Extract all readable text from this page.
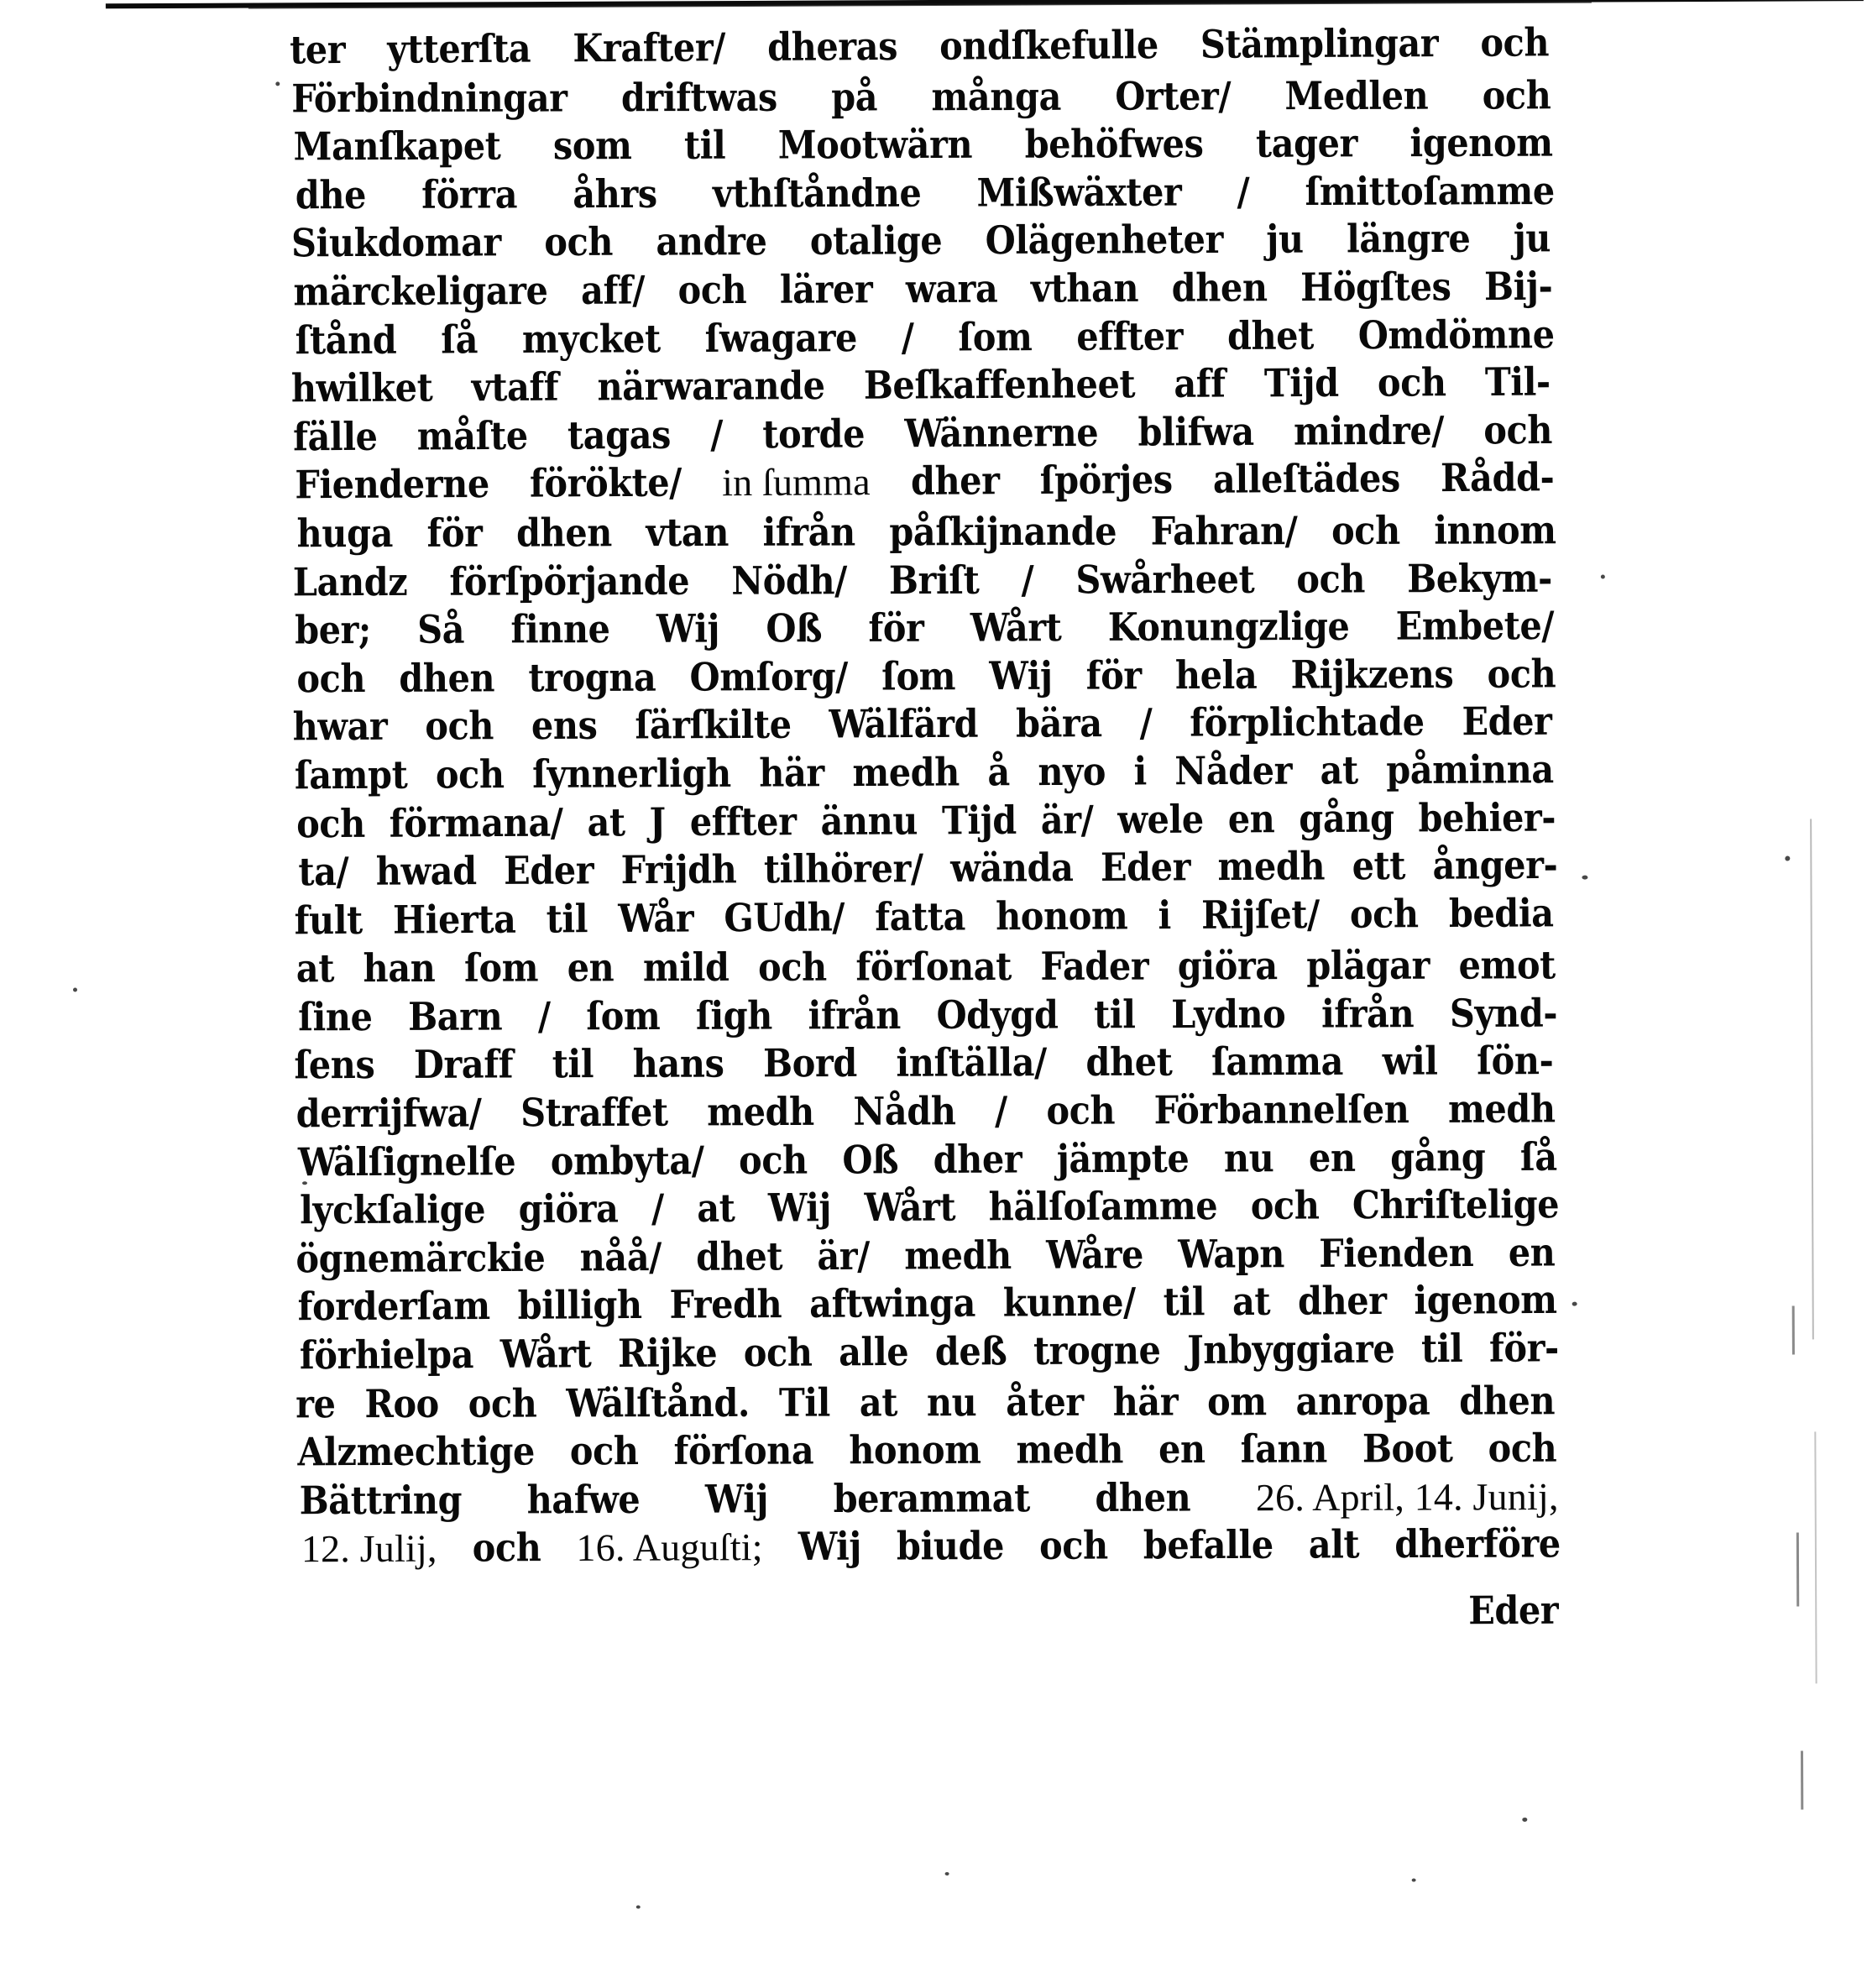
ter ytterſta Krafter/ dheras ondſkefulle Stämplingar och
Förbindningar driftwas på många Orter/ Medlen och
Manſkapet som til Mootwärn behöfwes tager igenom
dhe förra åhrs vthſtåndne Mißwäxter / ſmittoſamme
Siukdomar och andre otalige Olägenheter ju längre ju
märckeligare aff/ och lärer wara vthan dhen Högſtes Bij-
ſtånd ſå mycket ſwagare / ſom effter dhet Omdömne
hwilket vtaff närwarande Beſkaffenheet aff Tijd och Til-
fälle måſte tagas / torde Wännerne blifwa mindre/ och
Fienderne förökte/ in ſumma dher ſpörjes alleſtädes Rådd-
huga för dhen vtan ifrån påſkijnande Fahran/ och innom
Landz förſpörjande Nödh/ Briſt / Swårheet och Bekym-
ber; Så finne Wij Oß för Wårt Konungzlige Embete/
och dhen trogna Omſorg/ ſom Wij för hela Rijkzens och
hwar och ens ſärſkilte Wälfärd bära / förplichtade Eder
ſampt och ſynnerligh här medh å nyo i Nåder at påminna
och förmana/ at J effter ännu Tijd är/ wele en gång behier-
ta/ hwad Eder Frijdh tilhörer/ wända Eder medh ett ånger-
fult Hierta til Wår GUdh/ fatta honom i Rijſet/ och bedia
at han ſom en mild och förſonat Fader giöra plägar emot
ſine Barn / ſom ſigh ifrån Odygd til Lydno ifrån Synd-
ſens Draff til hans Bord inſtälla/ dhet ſamma wil ſön-
derrijfwa/ Straffet medh Nådh / och Förbannelſen medh
Wälſignelſe ombyta/ och Oß dher jämpte nu en gång ſå
lyckſalige giöra / at Wij Wårt hälſoſamme och Chriſtelige
ögnemärckie nåå/ dhet är/ medh Wåre Wapn Fienden en
forderſam billigh Fredh aftwinga kunne/ til at dher igenom
förhielpa Wårt Rijke och alle deß trogne Jnbyggiare til för-
re Roo och Wälſtånd. Til at nu åter här om anropa dhen
Alzmechtige och förſona honom medh en ſann Boot och
Bättring hafwe Wij berammat dhen 26. April, 14. Junij,
12. Julij, och 16. Auguſti; Wij biude och befalle alt dherföre
Eder
